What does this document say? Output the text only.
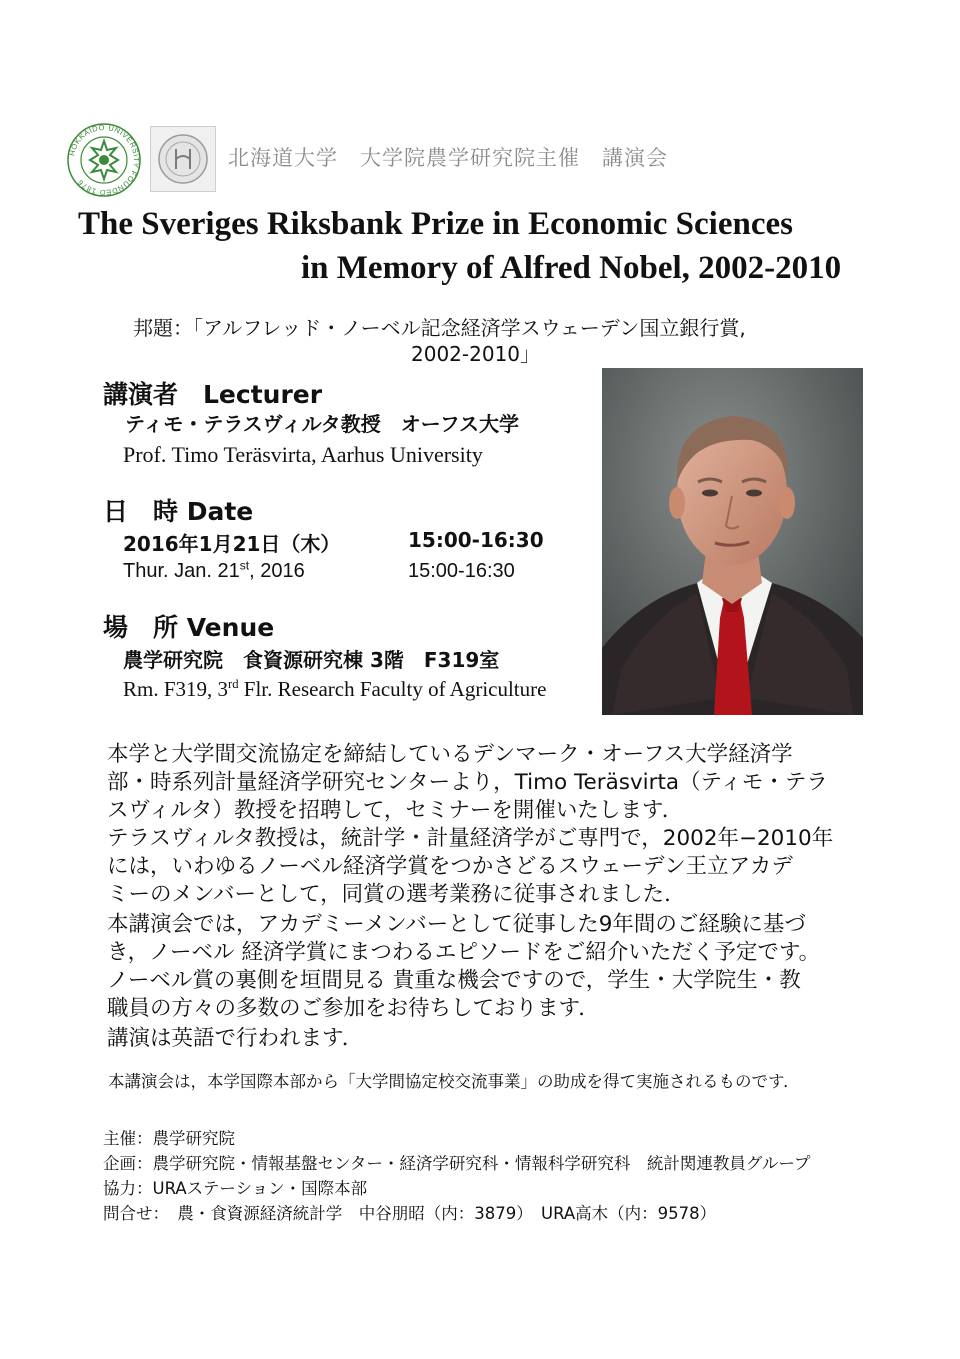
HOKKAIDO UNIVERSITY FOUNDED 1876
北海道大学　大学院農学研究院主催　講演会
The Sveriges Riksbank Prize in Economic Sciences
in Memory of Alfred Nobel, 2002-2010
邦題：「アルフレッド・ノーベル記念経済学スウェーデン国立銀行賞,
2002-2010」
講演者　Lecturer
ティモ・テラスヴィルタ教授　オーフス大学
Prof. Timo Teräsvirta, Aarhus University
日　時 Date
2016年1月21日（木）	15:00-16:30
Thur. Jan. 21st, 2016	15:00-16:30
場　所 Venue
農学研究院　食資源研究棟 3階　F319室
Rm. F319, 3rd Flr. Research Faculty of Agriculture
本学と大学間交流協定を締結しているデンマーク・オーフス大学経済学
部・時系列計量経済学研究センターより，Timo Teräsvirta（ティモ・テラ
スヴィルタ）教授を招聘して，セミナーを開催いたします．
テラスヴィルタ教授は，統計学・計量経済学がご専門で，2002年−2010年
には，いわゆるノーベル経済学賞をつかさどるスウェーデン王立アカデ
ミーのメンバーとして，同賞の選考業務に従事されました．
本講演会では，アカデミーメンバーとして従事した9年間のご経験に基づ
き，ノーベル 経済学賞にまつわるエピソードをご紹介いただく予定です。
ノーベル賞の裏側を垣間見る 貴重な機会ですので，学生・大学院生・教
職員の方々の多数のご参加をお待ちしております．
講演は英語で行われます．
本講演会は，本学国際本部から「大学間協定校交流事業」の助成を得て実施されるものです．
主催：農学研究院
企画：農学研究院・情報基盤センター・経済学研究科・情報科学研究科　統計関連教員グループ
協力：URAステーション・国際本部
問合せ：　農・食資源経済統計学　中谷朋昭（内：3879）　URA高木（内：9578）
